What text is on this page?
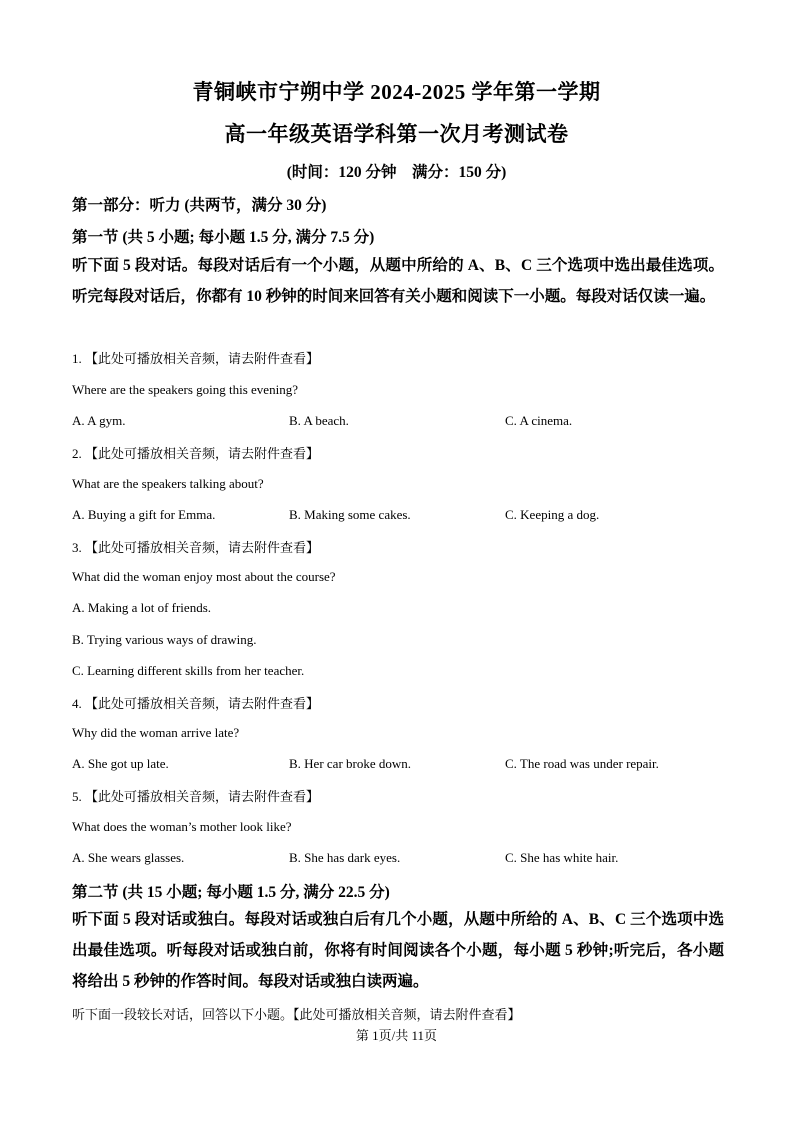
青铜峡市宁朔中学 2024-2025 学年第一学期
高一年级英语学科第一次月考测试卷
(时间：120 分钟    满分：150 分)
第一部分：听力 (共两节，满分 30 分)
第一节 (共 5 小题; 每小题 1.5 分, 满分 7.5 分)
听下面 5 段对话。每段对话后有一个小题，从题中所给的 A、B、C 三个选项中选出最佳选项。听完每段对话后，你都有 10 秒钟的时间来回答有关小题和阅读下一小题。每段对话仅读一遍。
1. 【此处可播放相关音频，请去附件查看】
Where are the speakers going this evening?
A. A gym.	B. A beach.	C. A cinema.
2. 【此处可播放相关音频，请去附件查看】
What are the speakers talking about?
A. Buying a gift for Emma.	B. Making some cakes.	C. Keeping a dog.
3. 【此处可播放相关音频，请去附件查看】
What did the woman enjoy most about the course?
A. Making a lot of friends.
B. Trying various ways of drawing.
C. Learning different skills from her teacher.
4. 【此处可播放相关音频，请去附件查看】
Why did the woman arrive late?
A. She got up late.	B. Her car broke down.	C. The road was under repair.
5. 【此处可播放相关音频，请去附件查看】
What does the woman’s mother look like?
A. She wears glasses.	B. She has dark eyes.	C. She has white hair.
第二节 (共 15 小题; 每小题 1.5 分, 满分 22.5 分)
听下面 5 段对话或独白。每段对话或独白后有几个小题，从题中所给的 A、B、C 三个选项中选出最佳选项。听每段对话或独白前，你将有时间阅读各个小题，每小题 5 秒钟;听完后，各小题将给出 5 秒钟的作答时间。每段对话或独白读两遍。
听下面一段较长对话，回答以下小题。【此处可播放相关音频，请去附件查看】
第 1页/共 11页
